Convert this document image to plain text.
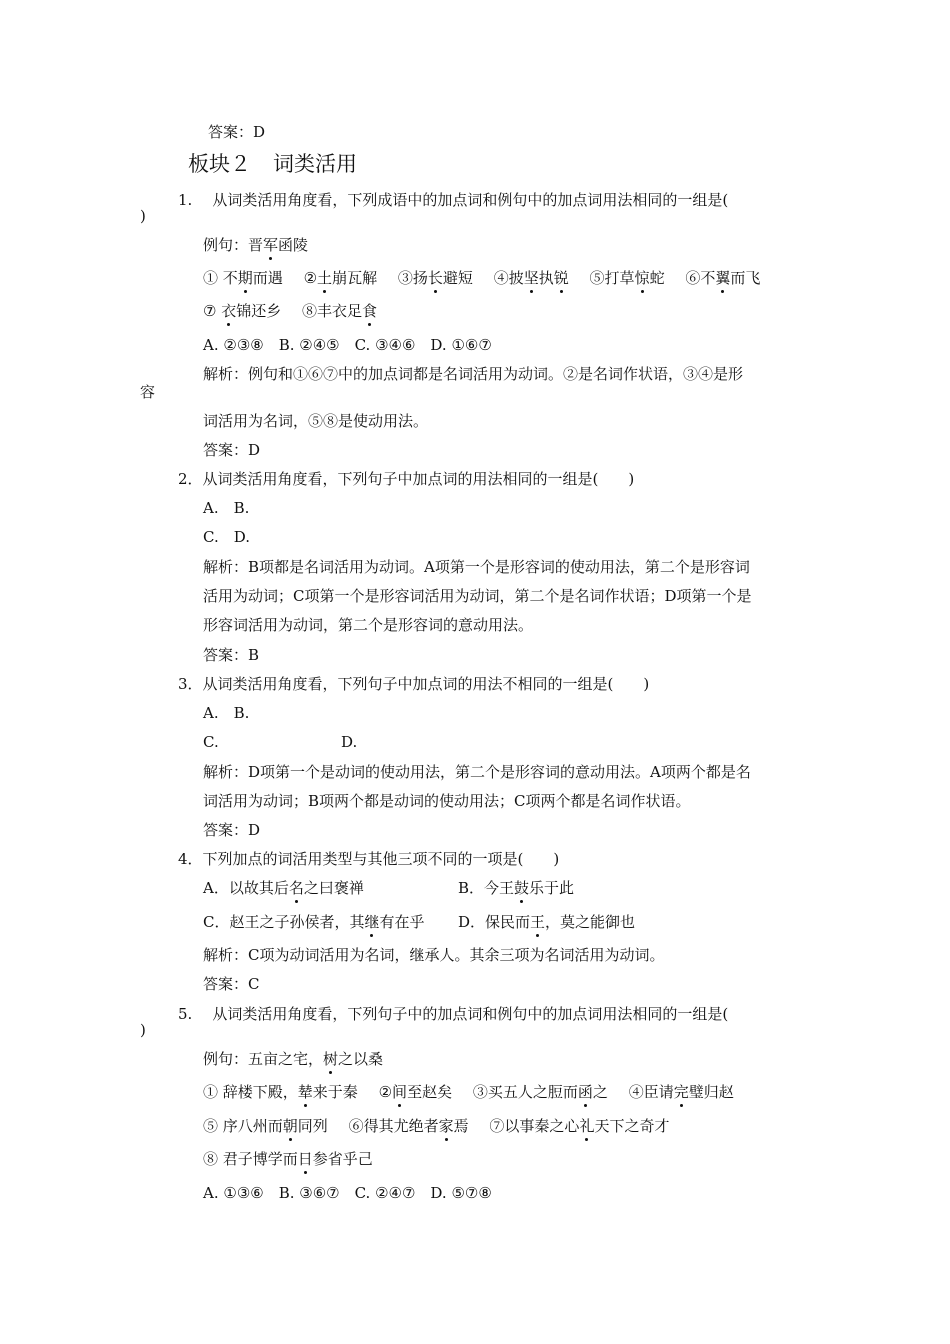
答案：D
板块２ 词类活用
1. 从词类活用角度看，下列成语中的加点词和例句中的加点词用法相同的一组是(
)
例句：晋军函陵
① 不期而遇 ②土崩瓦解 ③扬长避短 ④披坚执锐 ⑤打草惊蛇 ⑥不翼而飞
⑦ 衣锦还乡 ⑧丰衣足食
A. ②③⑧　B. ②④⑤　C. ③④⑥　D. ①⑥⑦
解析：例句和①⑥⑦中的加点词都是名词活用为动词。②是名词作状语，③④是形
容
词活用为名词，⑤⑧是使动用法。
答案：D
2．从词类活用角度看，下列句子中加点词的用法相同的一组是(　　)
A.　B.
C.　D.
解析：B项都是名词活用为动词。A项第一个是形容词的使动用法，第二个是形容词
活用为动词；C项第一个是形容词活用为动词，第二个是名词作状语；D项第一个是
形容词活用为动词，第二个是形容词的意动用法。
答案：B
3．从词类活用角度看，下列句子中加点词的用法不相同的一组是(　　)
A.　B.
C.	D.
解析：D项第一个是动词的使动用法，第二个是形容词的意动用法。A项两个都是名
词活用为动词；B项两个都是动词的使动用法；C项两个都是名词作状语。
答案：D
4．下列加点的词活用类型与其他三项不同的一项是(　　)
A．以故其后名之曰褒禅	B．今王鼓乐于此
C．赵王之子孙侯者，其继有在乎 D．保民而王，莫之能御也
解析：C项为动词活用为名词，继承人。其余三项为名词活用为动词。
答案：C
5. 从词类活用角度看，下列句子中的加点词和例句中的加点词用法相同的一组是(
)
例句：五亩之宅，树之以桑
① 辞楼下殿，辇来于秦 ②间至赵矣 ③买五人之脰而函之 ④臣请完璧归赵
⑤ 序八州而朝同列 ⑥得其尤绝者家焉 ⑦以事秦之心礼天下之奇才
⑧ 君子博学而日参省乎己
A. ①③⑥　B. ③⑥⑦　C. ②④⑦　D. ⑤⑦⑧
